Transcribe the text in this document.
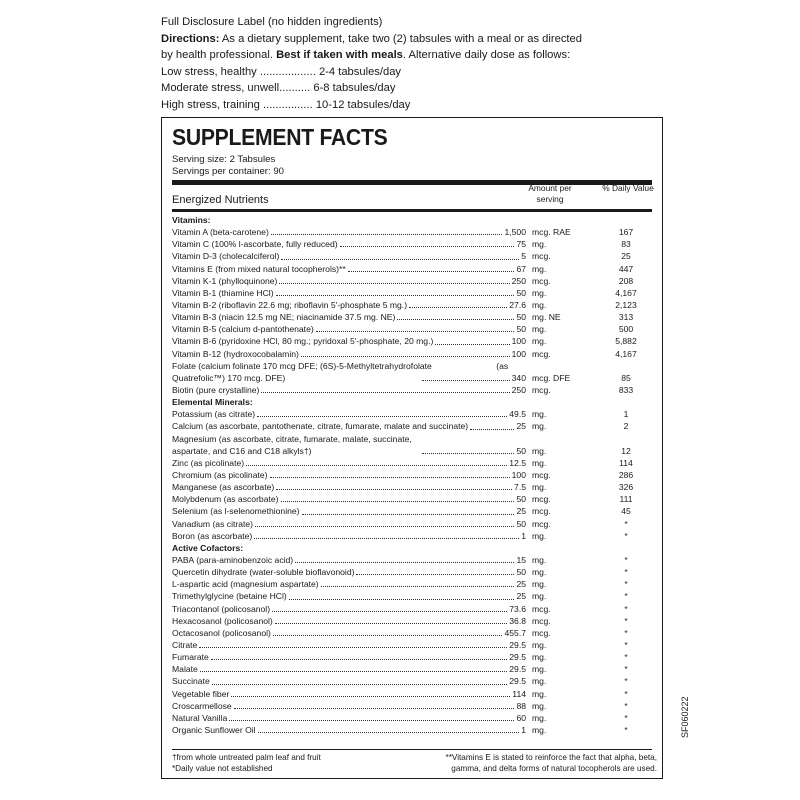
Full Disclosure Label (no hidden ingredients)
Directions: As a dietary supplement, take two (2) tabsules with a meal or as directed
by health professional. Best if taken with meals. Alternative daily dose as follows:
Low stress, healthy .................. 2-4 tabsules/day
Moderate stress, unwell.......... 6-8 tabsules/day
High stress, training ................ 10-12 tabsules/day
SUPPLEMENT FACTS
Serving size: 2 Tabsules
Servings per container: 90
Energized Nutrients
Amount per serving
% Daily Value
Vitamins:
Vitamin A (beta-carotene)	1,500 mcg. RAE	167
Vitamin C (100% l-ascorbate, fully reduced)	75 mg.	83
Vitamin D-3 (cholecalciferol)	5 mcg.	25
Vitamins E (from mixed natural tocopherols)**	67 mg.	447
Vitamin K-1 (phylloquinone)	250 mcg.	208
Vitamin B-1 (thiamine HCl)	50 mg.	4,167
Vitamin B-2 (riboflavin 22.6 mg; riboflavin 5'-phosphate 5 mg.)	27.6 mg.	2,123
Vitamin B-3 (niacin 12.5 mg NE; niacinamide 37.5 mg. NE)	50 mg. NE	313
Vitamin B-5 (calcium d-pantothenate)	50 mg.	500
Vitamin B-6 (pyridoxine HCl, 80 mg.; pyridoxal 5'-phosphate, 20 mg.)	100 mg.	5,882
Vitamin B-12 (hydroxocobalamin)	100 mcg.	4,167
Folate (calcium folinate 170 mcg DFE; (6S)-5-Methyltetrahydrofolate                           (as Quatrefolic™) 170 mcg. DFE)	340 mcg. DFE	85
Biotin (pure crystalline)	250 mcg.	833
Elemental Minerals:
Potassium (as citrate)	49.5 mg.	1
Calcium (as ascorbate, pantothenate, citrate, fumarate, malate and succinate)	25 mg.	2
Magnesium (as ascorbate, citrate, fumarate, malate, succinate,                               aspartate, and C16 and C18 alkyls†)	50 mg.	12
Zinc (as picolinate)	12.5 mg.	114
Chromium (as picolinate)	100 mcg.	286
Manganese (as ascorbate)	7.5 mg.	326
Molybdenum (as ascorbate)	50 mcg.	111
Selenium (as l-selenomethionine)	25 mcg.	45
Vanadium (as citrate)	50 mcg.	*
Boron (as ascorbate)	1 mg.	*
Active Cofactors:
PABA (para-aminobenzoic acid)	15 mg.	*
Quercetin dihydrate (water-soluble bioflavonoid)	50 mg.	*
L-aspartic acid (magnesium aspartate)	25 mg.	*
Trimethylglycine (betaine HCl)	25 mg.	*
Triacontanol (policosanol)	73.6 mcg.	*
Hexacosanol (policosanol)	36.8 mcg.	*
Octacosanol (policosanol)	455.7 mcg.	*
Citrate	29.5 mg.	*
Fumarate	29.5 mg.	*
Malate	29.5 mg.	*
Succinate	29.5 mg.	*
Vegetable fiber	114 mg.	*
Croscarmellose	88 mg.	*
Natural Vanilla	60 mg.	*
Organic Sunflower Oil	1 mg.	*
†from whole untreated palm leaf and fruit
*Daily value not established
**Vitamins E is stated to reinforce the fact that alpha, beta,
gamma, and delta forms of natural tocopherols are used.
SF060222
